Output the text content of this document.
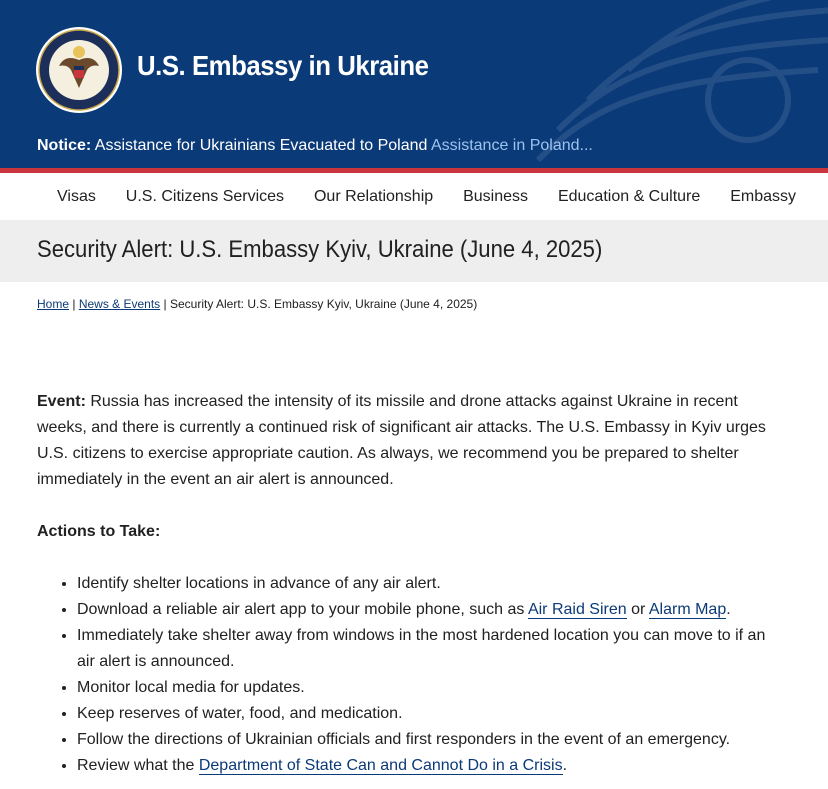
U.S. Embassy in Ukraine
Notice: Assistance for Ukrainians Evacuated to Poland Assistance in Poland...
Visas U.S. Citizens Services Our Relationship Business Education & Culture Embassy
Security Alert: U.S. Embassy Kyiv, Ukraine (June 4, 2025)
Home | News & Events | Security Alert: U.S. Embassy Kyiv, Ukraine (June 4, 2025)

Event: Russia has increased the intensity of its missile and drone attacks against Ukraine in recent weeks, and there is currently a continued risk of significant air attacks. The U.S. Embassy in Kyiv urges U.S. citizens to exercise appropriate caution. As always, we recommend you be prepared to shelter immediately in the event an air alert is announced.

Actions to Take:

• Identify shelter locations in advance of any air alert.
• Download a reliable air alert app to your mobile phone, such as Air Raid Siren or Alarm Map.
• Immediately take shelter away from windows in the most hardened location you can move to if an air alert is announced.
• Monitor local media for updates.
• Keep reserves of water, food, and medication.
• Follow the directions of Ukrainian officials and first responders in the event of an emergency.
• Review what the Department of State Can and Cannot Do in a Crisis.
